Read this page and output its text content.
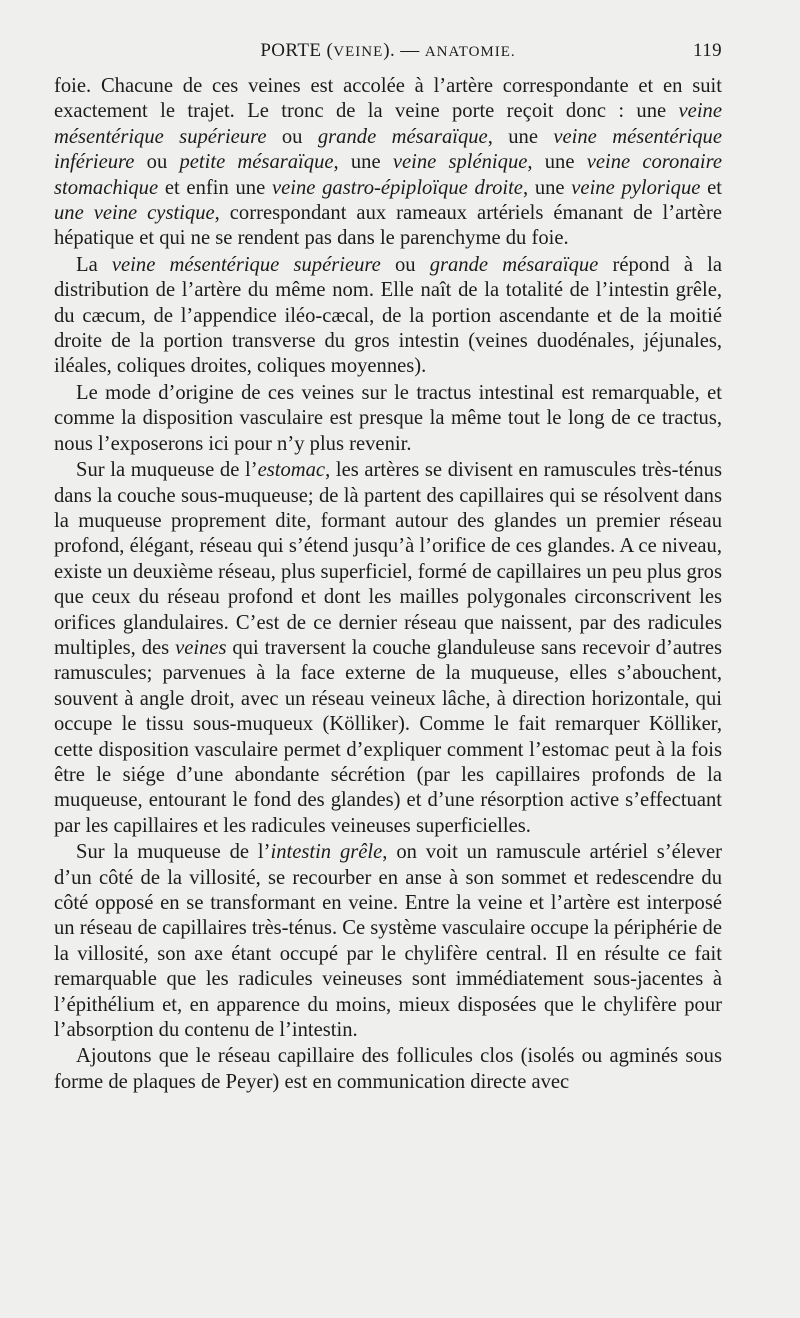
PORTE (VEINE). — ANATOMIE.	119

foie. Chacune de ces veines est accolée à l’artère correspondante et en suit exactement le trajet. Le tronc de la veine porte reçoit donc : une veine mésentérique supérieure ou grande mésaraïque, une veine mésentérique inférieure ou petite mésaraïque, une veine splénique, une veine coronaire stomachique et enfin une veine gastro-épiploïque droite, une veine pylorique et une veine cystique, correspondant aux rameaux artériels émanant de l’artère hépatique et qui ne se rendent pas dans le parenchyme du foie.

La veine mésentérique supérieure ou grande mésaraïque répond à la distribution de l’artère du même nom. Elle naît de la totalité de l’intestin grêle, du cæcum, de l’appendice iléo-cæcal, de la portion ascendante et de la moitié droite de la portion transverse du gros intestin (veines duodénales, jéjunales, iléales, coliques droites, coliques moyennes).

Le mode d’origine de ces veines sur le tractus intestinal est remarquable, et comme la disposition vasculaire est presque la même tout le long de ce tractus, nous l’exposerons ici pour n’y plus revenir.

Sur la muqueuse de l’estomac, les artères se divisent en ramuscules très-ténus dans la couche sous-muqueuse; de là partent des capillaires qui se résolvent dans la muqueuse proprement dite, formant autour des glandes un premier réseau profond, élégant, réseau qui s’étend jusqu’à l’orifice de ces glandes. A ce niveau, existe un deuxième réseau, plus superficiel, formé de capillaires un peu plus gros que ceux du réseau profond et dont les mailles polygonales circonscrivent les orifices glandulaires. C’est de ce dernier réseau que naissent, par des radicules multiples, des veines qui traversent la couche glanduleuse sans recevoir d’autres ramuscules; parvenues à la face externe de la muqueuse, elles s’abouchent, souvent à angle droit, avec un réseau veineux lâche, à direction horizontale, qui occupe le tissu sous-muqueux (Kölliker). Comme le fait remarquer Kölliker, cette disposition vasculaire permet d’expliquer comment l’estomac peut à la fois être le siége d’une abondante sécrétion (par les capillaires profonds de la muqueuse, entourant le fond des glandes) et d’une résorption active s’effectuant par les capillaires et les radicules veineuses superficielles.

Sur la muqueuse de l’intestin grêle, on voit un ramuscule artériel s’élever d’un côté de la villosité, se recourber en anse à son sommet et redescendre du côté opposé en se transformant en veine. Entre la veine et l’artère est interposé un réseau de capillaires très-ténus. Ce système vasculaire occupe la périphérie de la villosité, son axe étant occupé par le chylifère central. Il en résulte ce fait remarquable que les radicules veineuses sont immédiatement sous-jacentes à l’épithélium et, en apparence du moins, mieux disposées que le chylifère pour l’absorption du contenu de l’intestin.

Ajoutons que le réseau capillaire des follicules clos (isolés ou agminés sous forme de plaques de Peyer) est en communication directe avec
